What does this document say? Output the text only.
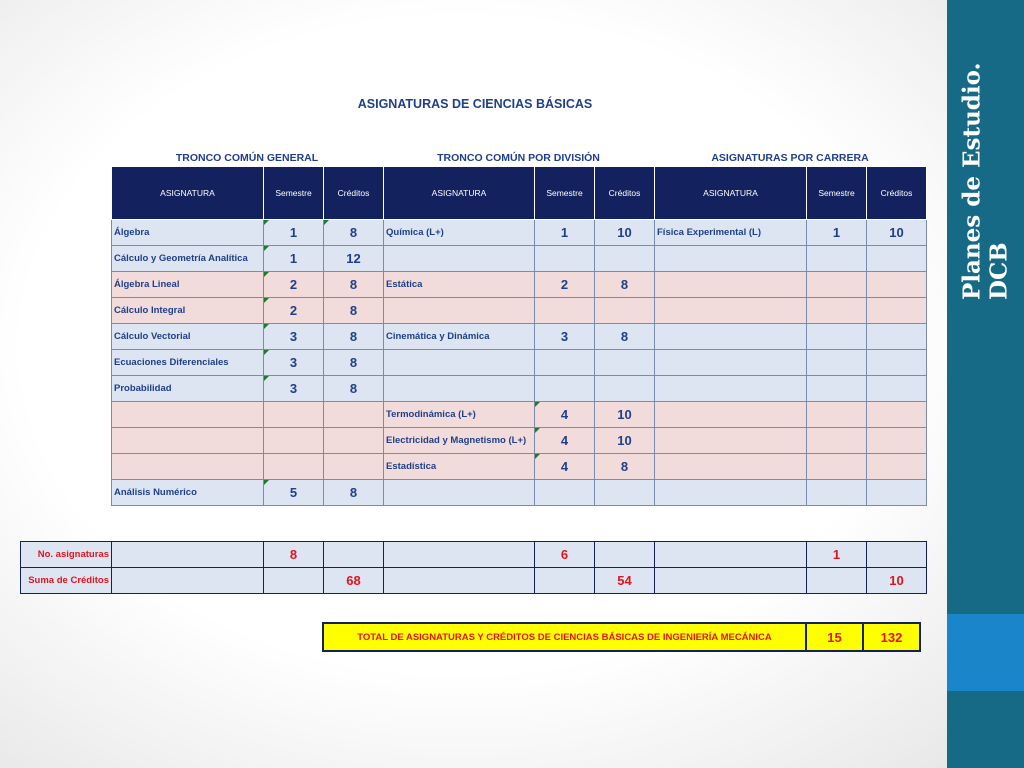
Planes de Estudio. DCB
ASIGNATURAS DE CIENCIAS BÁSICAS
TRONCO COMÚN GENERAL	TRONCO COMÚN POR DIVISIÓN	ASIGNATURAS POR CARRERA
ASIGNATURA	Semestre	Créditos	ASIGNATURA	Semestre	Créditos	ASIGNATURA	Semestre	Créditos
Álgebra	1	8	Química (L+)	1	10	Física Experimental (L)	1	10
Cálculo y Geometría Analítica	1	12						
Álgebra Lineal	2	8	Estática	2	8			
Cálculo Integral	2	8						
Cálculo Vectorial	3	8	Cinemática y Dinámica	3	8			
Ecuaciones Diferenciales	3	8						
Probabilidad	3	8						
			Termodinámica (L+)	4	10			
			Electricidad y Magnetismo (L+)	4	10			
			Estadística	4	8			
Análisis Numérico	5	8						
No. asignaturas		8			6			1	
Suma de Créditos			68			54			10
TOTAL DE ASIGNATURAS Y CRÉDITOS DE CIENCIAS BÁSICAS DE INGENIERÍA MECÁNICA	15	132
